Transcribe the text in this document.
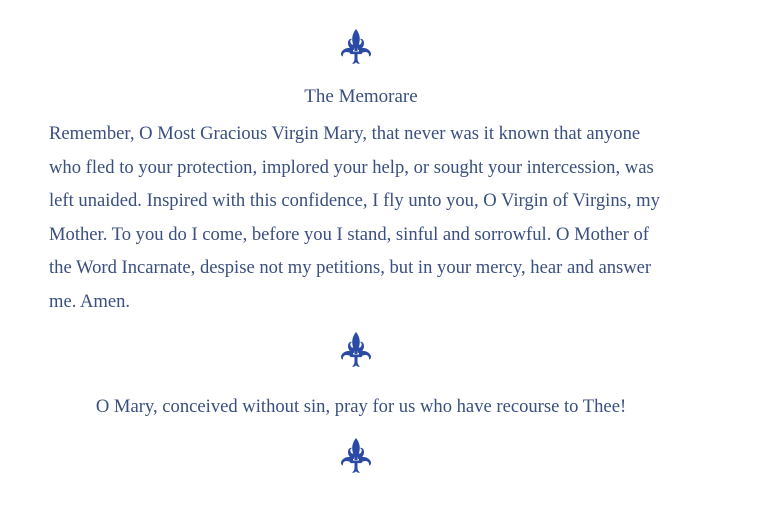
The Memorare

Remember, O Most Gracious Virgin Mary, that never was it known that anyone who fled to your protection, implored your help, or sought your intercession, was left unaided. Inspired with this confidence, I fly unto you, O Virgin of Virgins, my Mother. To you do I come, before you I stand, sinful and sorrowful. O Mother of the Word Incarnate, despise not my petitions, but in your mercy, hear and answer me. Amen.

O Mary, conceived without sin, pray for us who have recourse to Thee!
